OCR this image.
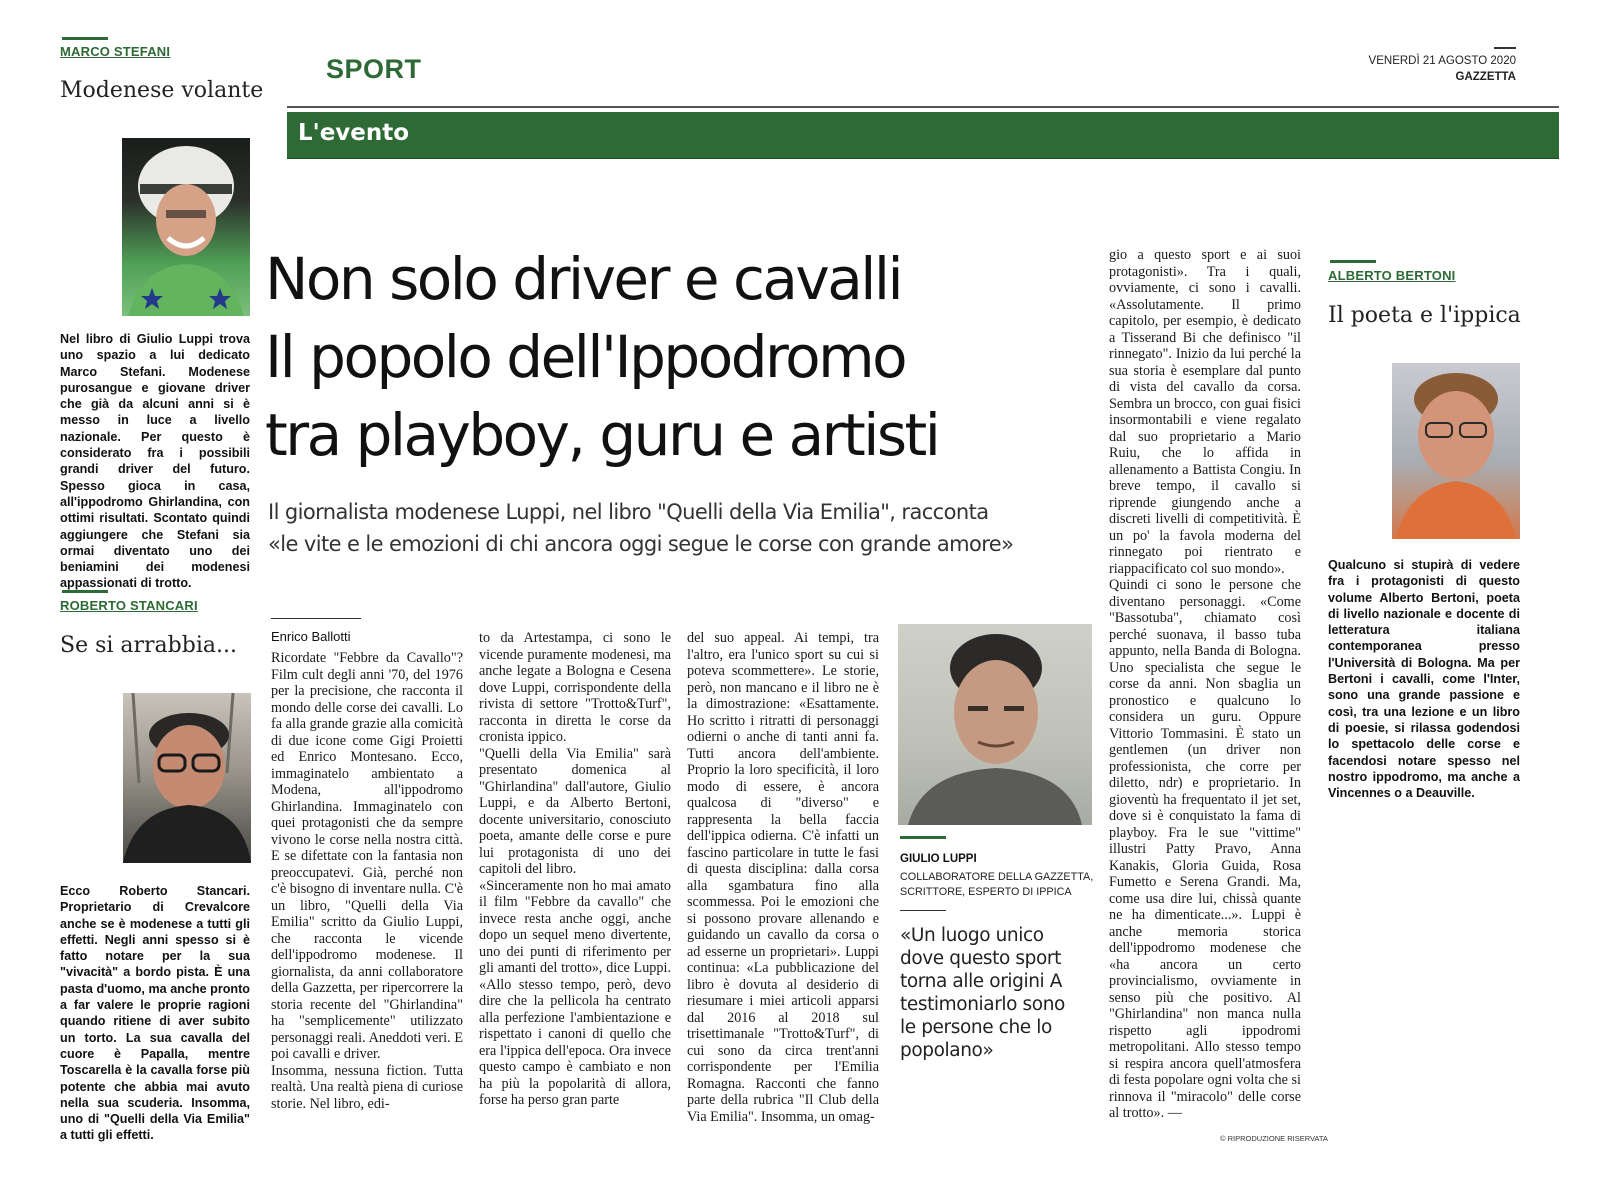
SPORT	VENERDÌ 21 AGOSTO 2020
GAZZETTA
L'evento
MARCO STEFANI
Modenese volante
Nel libro di Giulio Luppi trova uno spazio a lui dedicato Marco Stefani. Modenese purosangue e giovane driver che già da alcuni anni si è messo in luce a livello nazionale. Per questo è considerato fra i possibili grandi driver del futuro. Spesso gioca in casa, all'ippodromo Ghirlandina, con ottimi risultati. Scontato quindi aggiungere che Stefani sia ormai diventato uno dei beniamini dei modenesi appassionati di trotto.
ROBERTO STANCARI
Se si arrabbia...
Ecco Roberto Stancari. Proprietario di Crevalcore anche se è modenese a tutti gli effetti. Negli anni spesso si è fatto notare per la sua "vivacità" a bordo pista. È una pasta d'uomo, ma anche pronto a far valere le proprie ragioni quando ritiene di aver subito un torto. La sua cavalla del cuore è Papalla, mentre Toscarella è la cavalla forse più potente che abbia mai avuto nella sua scuderia. Insomma, uno di "Quelli della Via Emilia" a tutti gli effetti.
Non solo driver e cavalli
Il popolo dell'Ippodromo
tra playboy, guru e artisti
Il giornalista modenese Luppi, nel libro "Quelli della Via Emilia", racconta
«le vite e le emozioni di chi ancora oggi segue le corse con grande amore»
Enrico Ballotti
Ricordate "Febbre da Cavallo"? Film cult degli anni '70, del 1976 per la precisione, che racconta il mondo delle corse dei cavalli. Lo fa alla grande grazie alla comicità di due icone come Gigi Proietti ed Enrico Montesano. Ecco, immaginatelo ambientato a Modena, all'ippodromo Ghirlandina. Immaginatelo con quei protagonisti che da sempre vivono le corse nella nostra città. E se difettate con la fantasia non preoccupatevi. Già, perché non c'è bisogno di inventare nulla. C'è un libro, "Quelli della Via Emilia" scritto da Giulio Luppi, che racconta le vicende dell'ippodromo modenese. Il giornalista, da anni collaboratore della Gazzetta, per ripercorrere la storia recente del "Ghirlandina" ha "semplicemente" utilizzato personaggi reali. Aneddoti veri. E poi cavalli e driver.
Insomma, nessuna fiction. Tutta realtà. Una realtà piena di curiose storie. Nel libro, edi-
to da Artestampa, ci sono le vicende puramente modenesi, ma anche legate a Bologna e Cesena dove Luppi, corrispondente della rivista di settore "Trotto&Turf", racconta in diretta le corse da cronista ippico.
"Quelli della Via Emilia" sarà presentato domenica al "Ghirlandina" dall'autore, Giulio Luppi, e da Alberto Bertoni, docente universitario, conosciuto poeta, amante delle corse e pure lui protagonista di uno dei capitoli del libro.
«Sinceramente non ho mai amato il film "Febbre da cavallo" che invece resta anche oggi, anche dopo un sequel meno divertente, uno dei punti di riferimento per gli amanti del trotto», dice Luppi. «Allo stesso tempo, però, devo dire che la pellicola ha centrato alla perfezione l'ambientazione e rispettato i canoni di quello che era l'ippica dell'epoca. Ora invece questo campo è cambiato e non ha più la popolarità di allora, forse ha perso gran parte
del suo appeal. Ai tempi, tra l'altro, era l'unico sport su cui si poteva scommettere». Le storie, però, non mancano e il libro ne è la dimostrazione: «Esattamente. Ho scritto i ritratti di personaggi odierni o anche di tanti anni fa. Tutti ancora dell'ambiente. Proprio la loro specificità, il loro modo di essere, è ancora qualcosa di "diverso" e rappresenta la bella faccia dell'ippica odierna. C'è infatti un fascino particolare in tutte le fasi di questa disciplina: dalla corsa alla sgambatura fino alla scommessa. Poi le emozioni che si possono provare allenando e guidando un cavallo da corsa o ad esserne un proprietari». Luppi continua: «La pubblicazione del libro è dovuta al desiderio di riesumare i miei articoli apparsi dal 2016 al 2018 sul trisettimanale "Trotto&Turf", di cui sono da circa trent'anni corrispondente per l'Emilia Romagna. Racconti che fanno parte della rubrica "Il Club della Via Emilia". Insomma, un omag-
gio a questo sport e ai suoi protagonisti». Tra i quali, ovviamente, ci sono i cavalli. «Assolutamente. Il primo capitolo, per esempio, è dedicato a Tisserand Bi che definisco "il rinnegato". Inizio da lui perché la sua storia è esemplare dal punto di vista del cavallo da corsa. Sembra un brocco, con guai fisici insormontabili e viene regalato dal suo proprietario a Mario Ruiu, che lo affida in allenamento a Battista Congiu. In breve tempo, il cavallo si riprende giungendo anche a discreti livelli di competitività. È un po' la favola moderna del rinnegato poi rientrato e riappacificato col suo mondo».
Quindi ci sono le persone che diventano personaggi. «Come "Bassotuba", chiamato così perché suonava, il basso tuba appunto, nella Banda di Bologna. Uno specialista che segue le corse da anni. Non sbaglia un pronostico e qualcuno lo considera un guru. Oppure Vittorio Tommasini. È stato un gentlemen (un driver non professionista, che corre per diletto, ndr) e proprietario. In gioventù ha frequentato il jet set, dove si è conquistato la fama di playboy. Fra le sue "vittime" illustri Patty Pravo, Anna Kanakis, Gloria Guida, Rosa Fumetto e Serena Grandi. Ma, come usa dire lui, chissà quante ne ha dimenticate...». Luppi è anche memoria storica dell'ippodromo modenese che «ha ancora un certo provincialismo, ovviamente in senso più che positivo. Al "Ghirlandina" non manca nulla rispetto agli ippodromi metropolitani. Allo stesso tempo si respira ancora quell'atmosfera di festa popolare ogni volta che si rinnova il "miracolo" delle corse al trotto». —
GIULIO LUPPI
COLLABORATORE DELLA GAZZETTA,
SCRITTORE, ESPERTO DI IPPICA
«Un luogo unico dove questo sport torna alle origini A testimoniarlo sono le persone che lo popolano»
ALBERTO BERTONI
Il poeta e l'ippica
Qualcuno si stupirà di vedere fra i protagonisti di questo volume Alberto Bertoni, poeta di livello nazionale e docente di letteratura italiana contemporanea presso l'Università di Bologna. Ma per Bertoni i cavalli, come l'Inter, sono una grande passione e così, tra una lezione e un libro di poesie, si rilassa godendosi lo spettacolo delle corse e facendosi notare spesso nel nostro ippodromo, ma anche a Vincennes o a Deauville.
© RIPRODUZIONE RISERVATA
